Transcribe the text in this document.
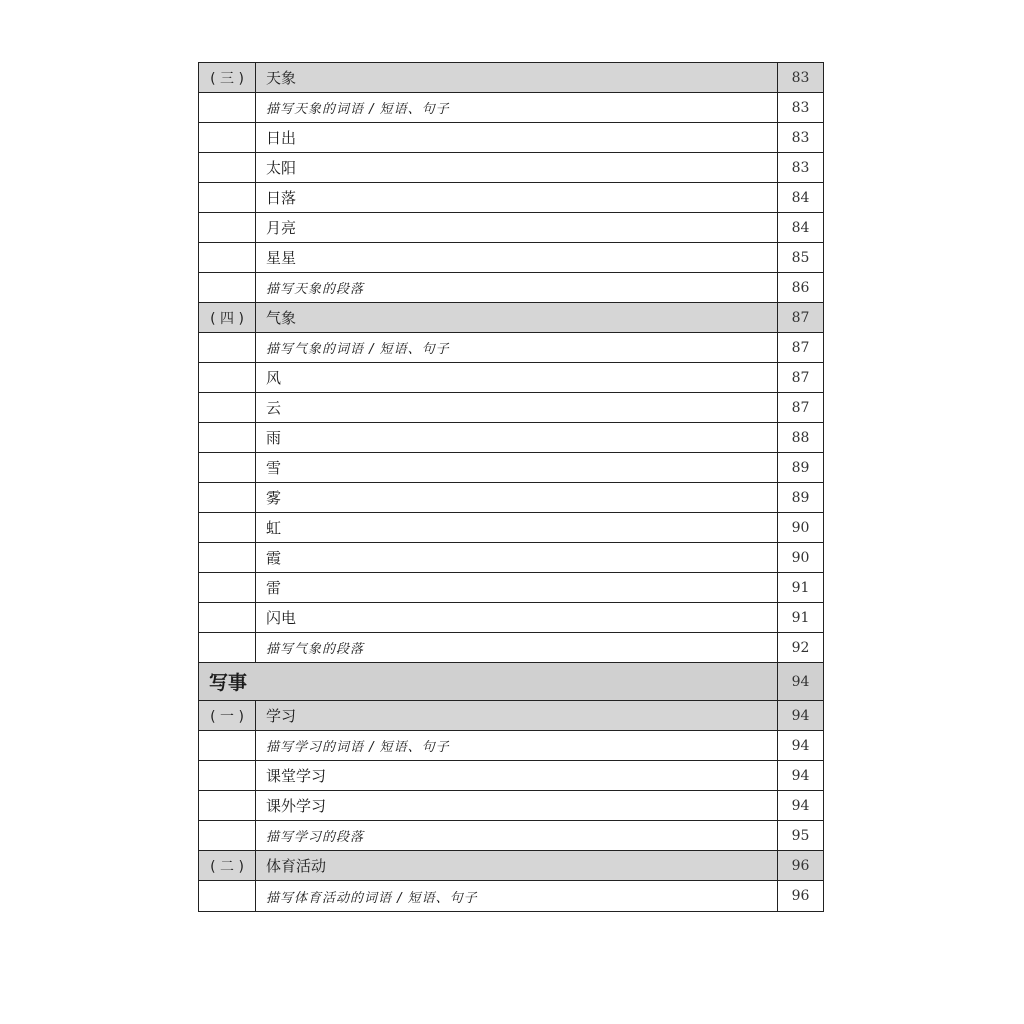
( 三 )	天象	83
描写天象的词语 / 短语、句子	83
日出	83
太阳	83
日落	84
月亮	84
星星	85
描写天象的段落	86
( 四 )	气象	87
描写气象的词语 / 短语、句子	87
风	87
云	87
雨	88
雪	89
雾	89
虹	90
霞	90
雷	91
闪电	91
描写气象的段落	92
写事	94
( 一 )	学习	94
描写学习的词语 / 短语、句子	94
课堂学习	94
课外学习	94
描写学习的段落	95
( 二 )	体育活动	96
描写体育活动的词语 / 短语、句子	96
